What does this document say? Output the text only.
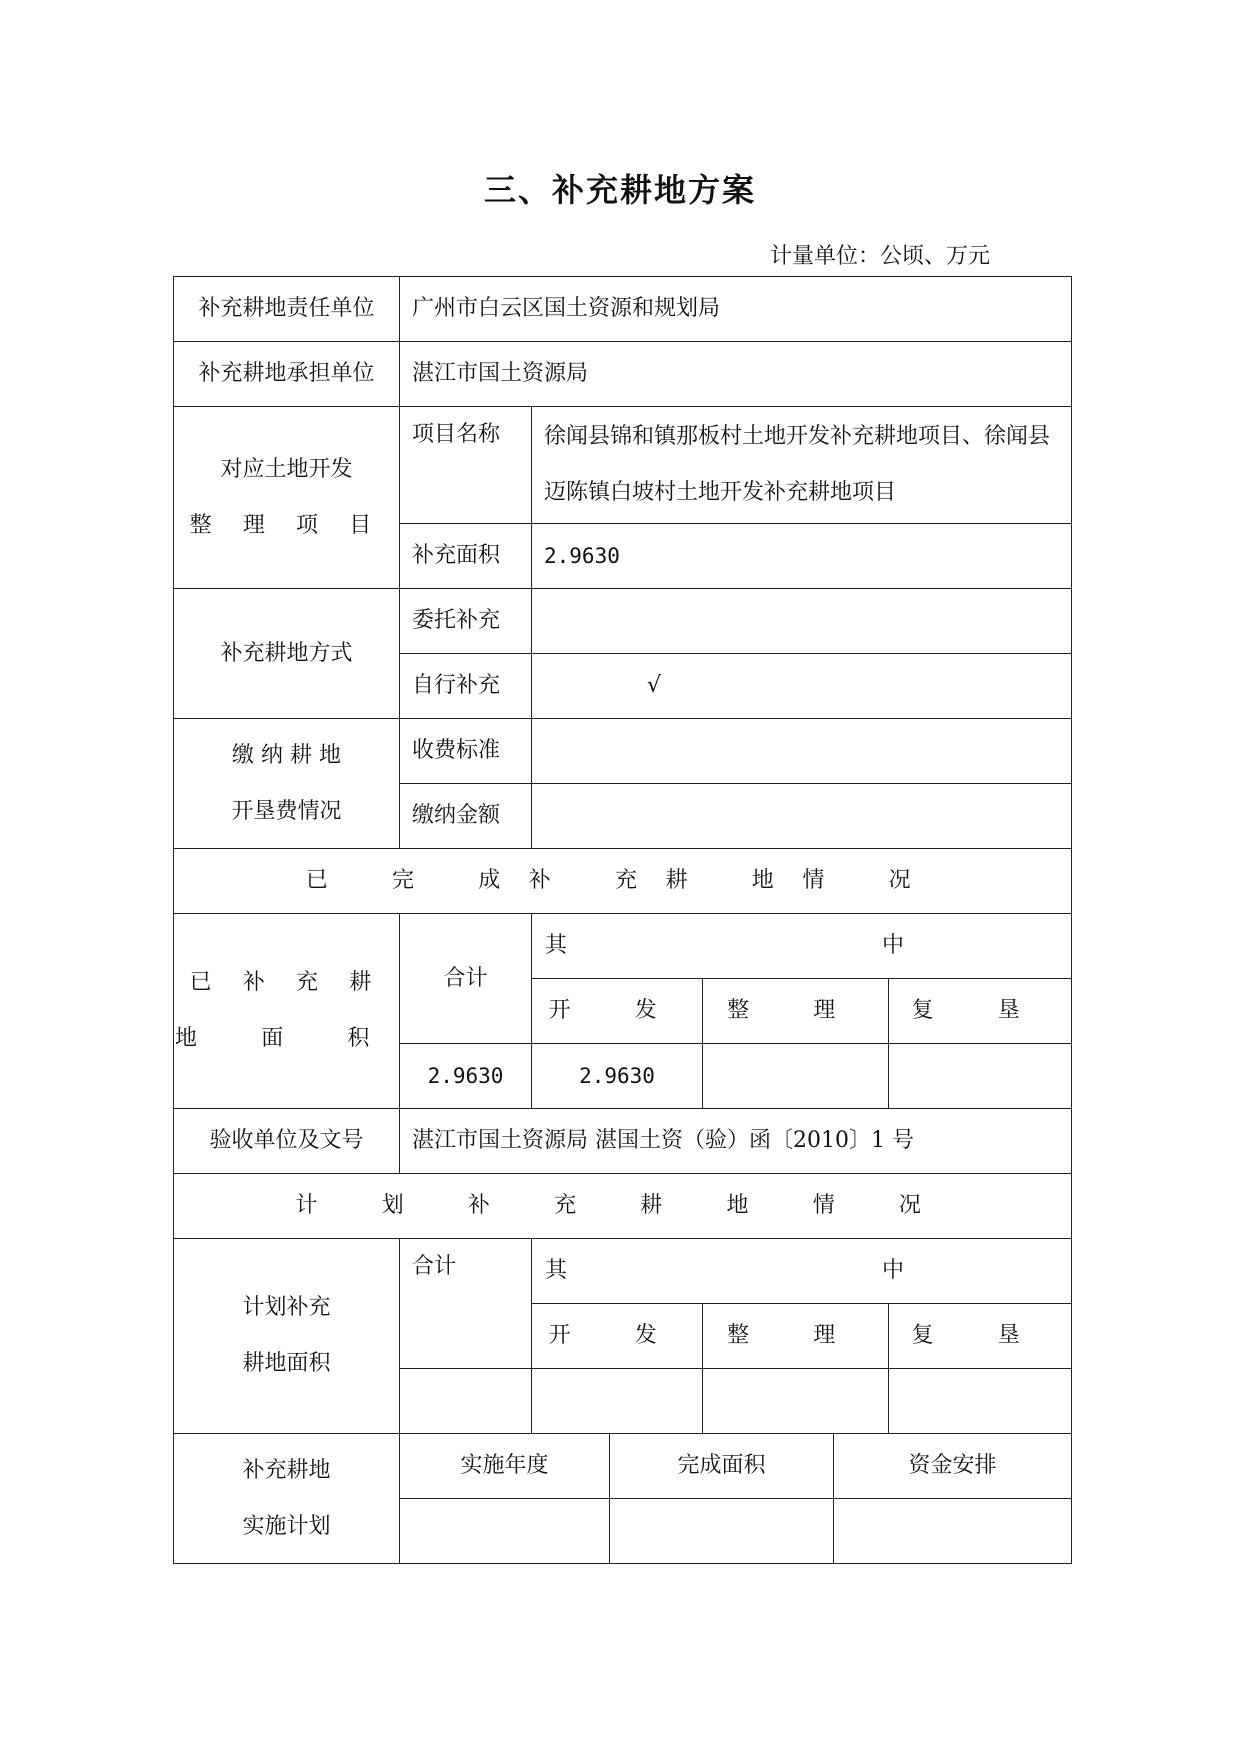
三、补充耕地方案
计量单位：公顷、万元
补充耕地责任单位	广州市白云区国土资源和规划局					
补充耕地承担单位	湛江市国土资源局					

对应土地开发
整 理 项 目	项目名称	徐闻县锦和镇那板村土地开发补充耕地项目、徐闻县迈陈镇白坡村土地开发补充耕地项目				
	补充面积	2.9630				
补充耕地方式	委托补充					
	自行补充	√				

缴 纳 耕 地
开垦费情况	收费标准					
	缴纳金额					
已 完 成补 充耕 地情 况						

已 补 充 耕
地 面 积	合计	其 中				
		开 发		整 理		复 垦
	2.9630	2.9630				
验收单位及文号	湛江市国土资源局 湛国土资（验）函〔2010〕1 号					
计 划 补 充 耕 地 情 况						

计划补充
耕地面积	合计	其 中				
		开 发		整 理		复 垦

补充耕地
实施计划	实施年度		完成面积		资金安排	
